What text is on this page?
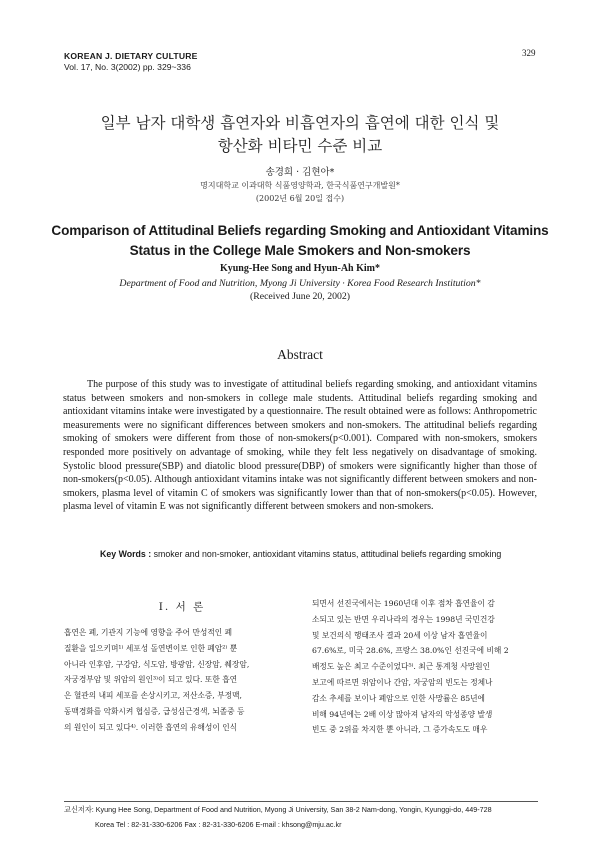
KOREAN J. DIETARY CULTURE
Vol. 17, No. 3(2002) pp. 329~336
329
일부 남자 대학생 흡연자와 비흡연자의 흡연에 대한 인식 및
항산화 비타민 수준 비교
송경희 · 김현아*
명지대학교 이과대학 식품영양학과, 한국식품연구개발원*
(2002년 6월 20일 접수)
Comparison of Attitudinal Beliefs regarding Smoking and Antioxidant Vitamins
Status in the College Male Smokers and Non-smokers
Kyung-Hee Song and Hyun-Ah Kim*
Department of Food and Nutrition, Myong Ji University · Korea Food Research Institution*
(Received June 20, 2002)
Abstract

The purpose of this study was to investigate of attitudinal beliefs regarding smoking, and antioxidant vitamins status between smokers and non-smokers in college male students. Attitudinal beliefs regarding smoking and antioxidant vitamins intake were investigated by a questionnaire. The result obtained were as follows: Anthropometric measurements were no significant differences between smokers and non-smokers. The attitudinal beliefs regarding smoking of smokers were different from those of non-smokers(p<0.001). Compared with non-smokers, smokers responded more positively on advantage of smoking, while they felt less negatively on disadvantage of smoking. Systolic blood pressure(SBP) and diatolic blood pressure(DBP) of smokers were significantly higher than those of non-smokers(p<0.05). Although antioxidant vitamins intake was not significantly different between smokers and non-smokers, plasma level of vitamin C of smokers was significantly lower than that of non-smokers(p<0.05). However, plasma level of vitamin E was not significantly different between smokers and non-smokers.

Key Words : smoker and non-smoker, antioxidant vitamins status, attitudinal beliefs regarding smoking
I. 서 론
흡연은 폐, 기관지 기능에 영향을 주어 만성적인 폐
질환을 일으키며¹⁾ 세포성 돌연변이로 인한 폐암²⁾ 뿐
아니라 인후암, 구강암, 식도암, 방광암, 신장암, 췌장암,
자궁경부암 및 위암의 원인³⁾이 되고 있다. 또한 흡연
은 혈관의 내피 세포를 손상시키고, 저산소증, 부정맥,
동맥경화를 악화시켜 협심증, 급성심근경색, 뇌졸중 등
의 원인이 되고 있다⁴⁾. 이러한 흡연의 유해성이 인식
되면서 선진국에서는 1960년대 이후 점차 흡연율이 감
소되고 있는 반면 우리나라의 경우는 1998년 국민건강
및 보건의식 행태조사 결과 20세 이상 남자 흡연율이
67.6%로, 미국 28.6%, 프랑스 38.0%인 선진국에 비해 2
배정도 높은 최고 수준이었다⁵⁾. 최근 통계청 사망원인
보고에 따르면 위암이나 간암, 자궁암의 빈도는 정체나
감소 추세를 보이나 폐암으로 인한 사망률은 85년에
비해 94년에는 2배 이상 많아져 남자의 악성종양 발생
빈도 중 2위를 차지한 뿐 아니라, 그 증가속도도 매우
교신저자: Kyung Hee Song, Department of Food and Nutrition, Myong Ji University, San 38-2 Nam-dong, Yongin, Kyunggi-do, 449-728
Korea Tel : 82-31-330-6206 Fax : 82-31-330-6206 E-mail : khsong@mju.ac.kr
